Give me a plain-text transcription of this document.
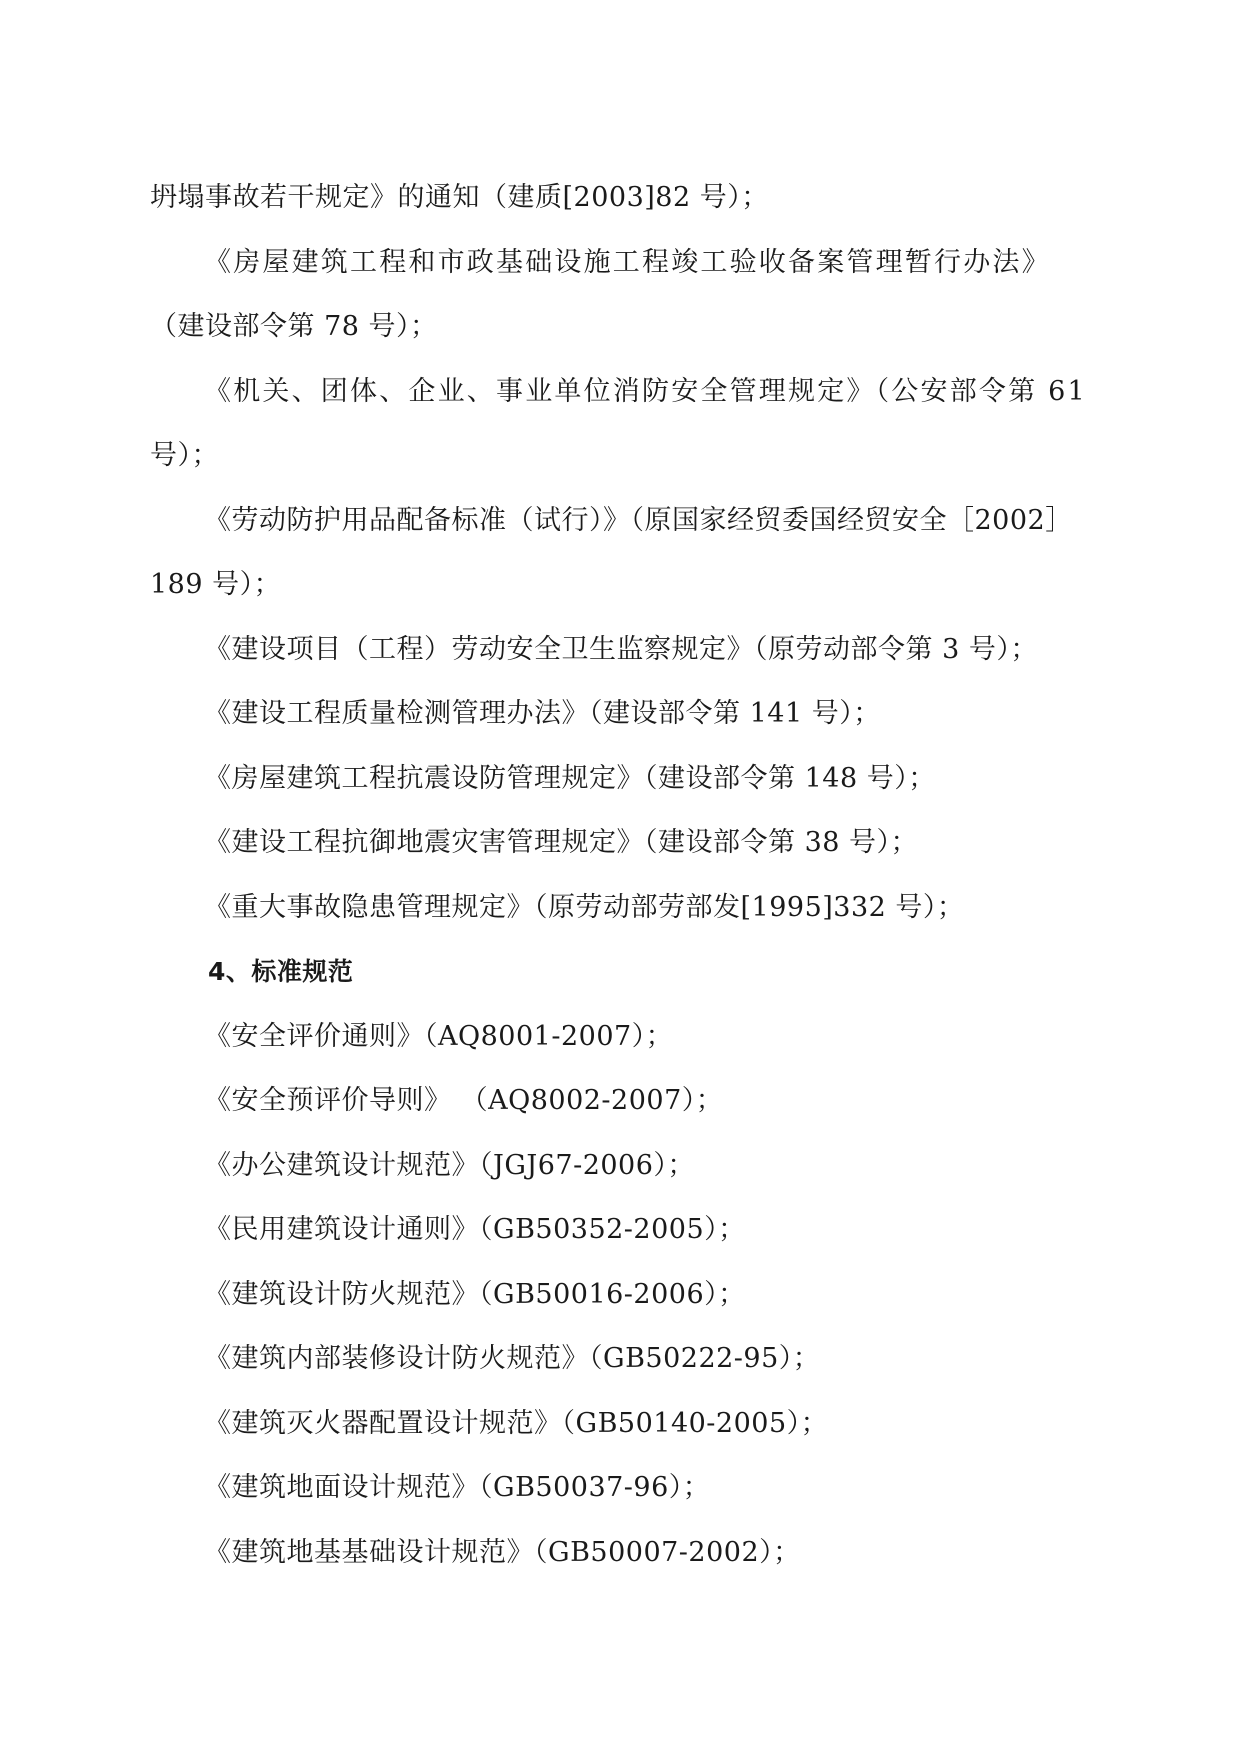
坍塌事故若干规定》的通知（建质[2003]82 号）；
《房屋建筑工程和市政基础设施工程竣工验收备案管理暂行办法》
（建设部令第 78 号）；
《机关、团体、企业、事业单位消防安全管理规定》（公安部令第 61
号）；
《劳动防护用品配备标准（试行）》（原国家经贸委国经贸安全［2002］
189 号）；
《建设项目（工程）劳动安全卫生监察规定》（原劳动部令第 3 号）；
《建设工程质量检测管理办法》（建设部令第 141 号）；
《房屋建筑工程抗震设防管理规定》（建设部令第 148 号）；
《建设工程抗御地震灾害管理规定》（建设部令第 38 号）；
《重大事故隐患管理规定》（原劳动部劳部发[1995]332 号）；
4、标准规范
《安全评价通则》（AQ8001-2007）；
《安全预评价导则》 （AQ8002-2007）；
《办公建筑设计规范》（JGJ67-2006）；
《民用建筑设计通则》（GB50352-2005）；
《建筑设计防火规范》（GB50016-2006）；
《建筑内部装修设计防火规范》（GB50222-95）；
《建筑灭火器配置设计规范》（GB50140-2005）；
《建筑地面设计规范》（GB50037-96）；
《建筑地基基础设计规范》（GB50007-2002）；
